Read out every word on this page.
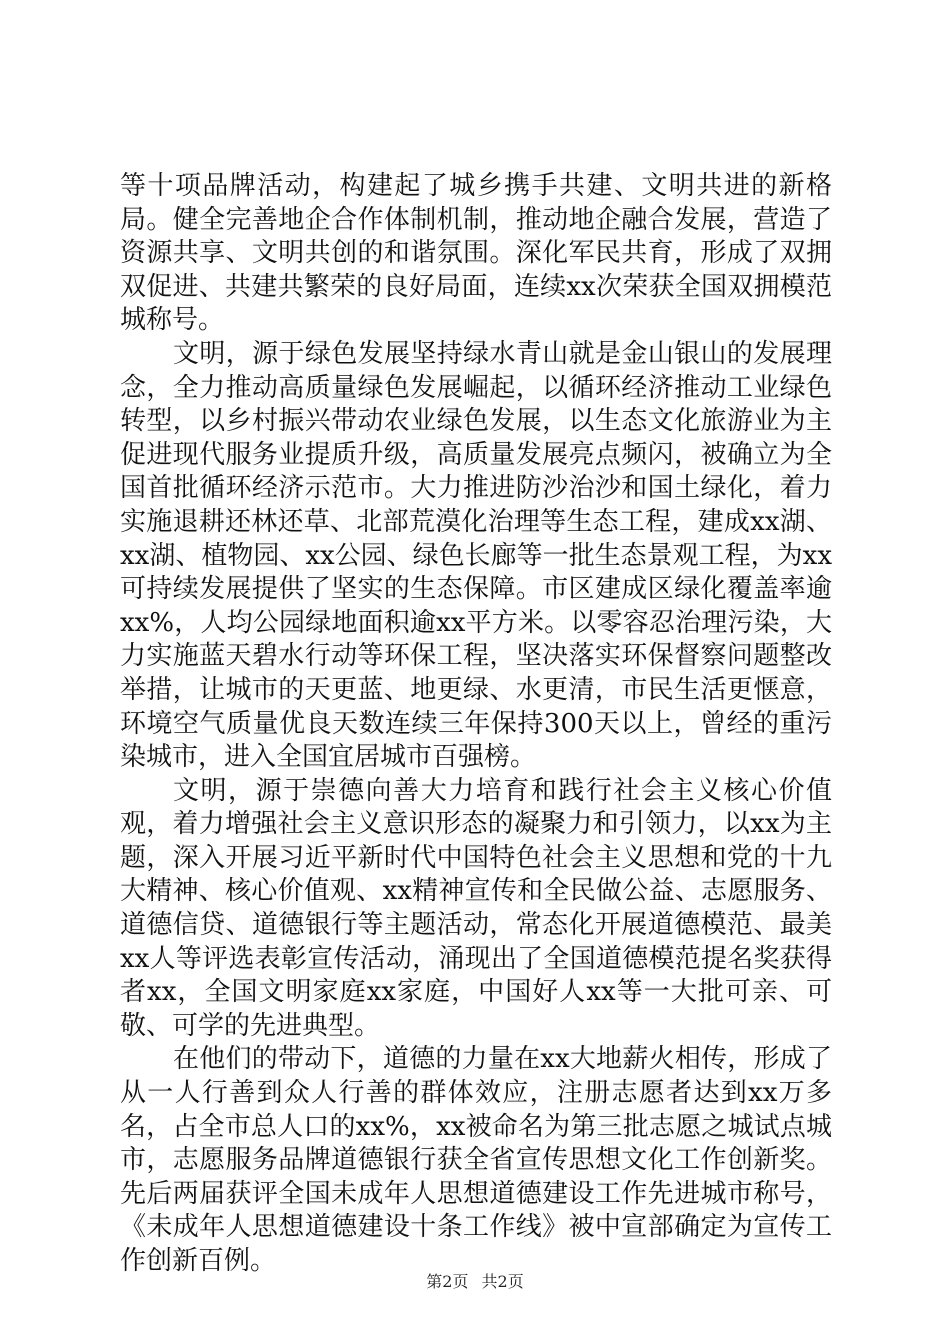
等十项品牌活动，构建起了城乡携手共建、文明共进的新格局。健全完善地企合作体制机制，推动地企融合发展，营造了资源共享、文明共创的和谐氛围。深化军民共育，形成了双拥双促进、共建共繁荣的良好局面，连续xx次荣获全国双拥模范城称号。

文明，源于绿色发展坚持绿水青山就是金山银山的发展理念，全力推动高质量绿色发展崛起，以循环经济推动工业绿色转型，以乡村振兴带动农业绿色发展，以生态文化旅游业为主促进现代服务业提质升级，高质量发展亮点频闪，被确立为全国首批循环经济示范市。大力推进防沙治沙和国土绿化，着力实施退耕还林还草、北部荒漠化治理等生态工程，建成xx湖、xx湖、植物园、xx公园、绿色长廊等一批生态景观工程，为xx可持续发展提供了坚实的生态保障。市区建成区绿化覆盖率逾xx%，人均公园绿地面积逾xx平方米。以零容忍治理污染，大力实施蓝天碧水行动等环保工程，坚决落实环保督察问题整改举措，让城市的天更蓝、地更绿、水更清，市民生活更惬意，环境空气质量优良天数连续三年保持300天以上，曾经的重污染城市，进入全国宜居城市百强榜。

文明，源于崇德向善大力培育和践行社会主义核心价值观，着力增强社会主义意识形态的凝聚力和引领力，以xx为主题，深入开展习近平新时代中国特色社会主义思想和党的十九大精神、核心价值观、xx精神宣传和全民做公益、志愿服务、道德信贷、道德银行等主题活动，常态化开展道德模范、最美xx人等评选表彰宣传活动，涌现出了全国道德模范提名奖获得者xx，全国文明家庭xx家庭，中国好人xx等一大批可亲、可敬、可学的先进典型。

在他们的带动下，道德的力量在xx大地薪火相传，形成了从一人行善到众人行善的群体效应，注册志愿者达到xx万多名，占全市总人口的xx%，xx被命名为第三批志愿之城试点城市，志愿服务品牌道德银行获全省宣传思想文化工作创新奖。先后两届获评全国未成年人思想道德建设工作先进城市称号，《未成年人思想道德建设十条工作线》被中宣部确定为宣传工作创新百例。

第2页 共2页
